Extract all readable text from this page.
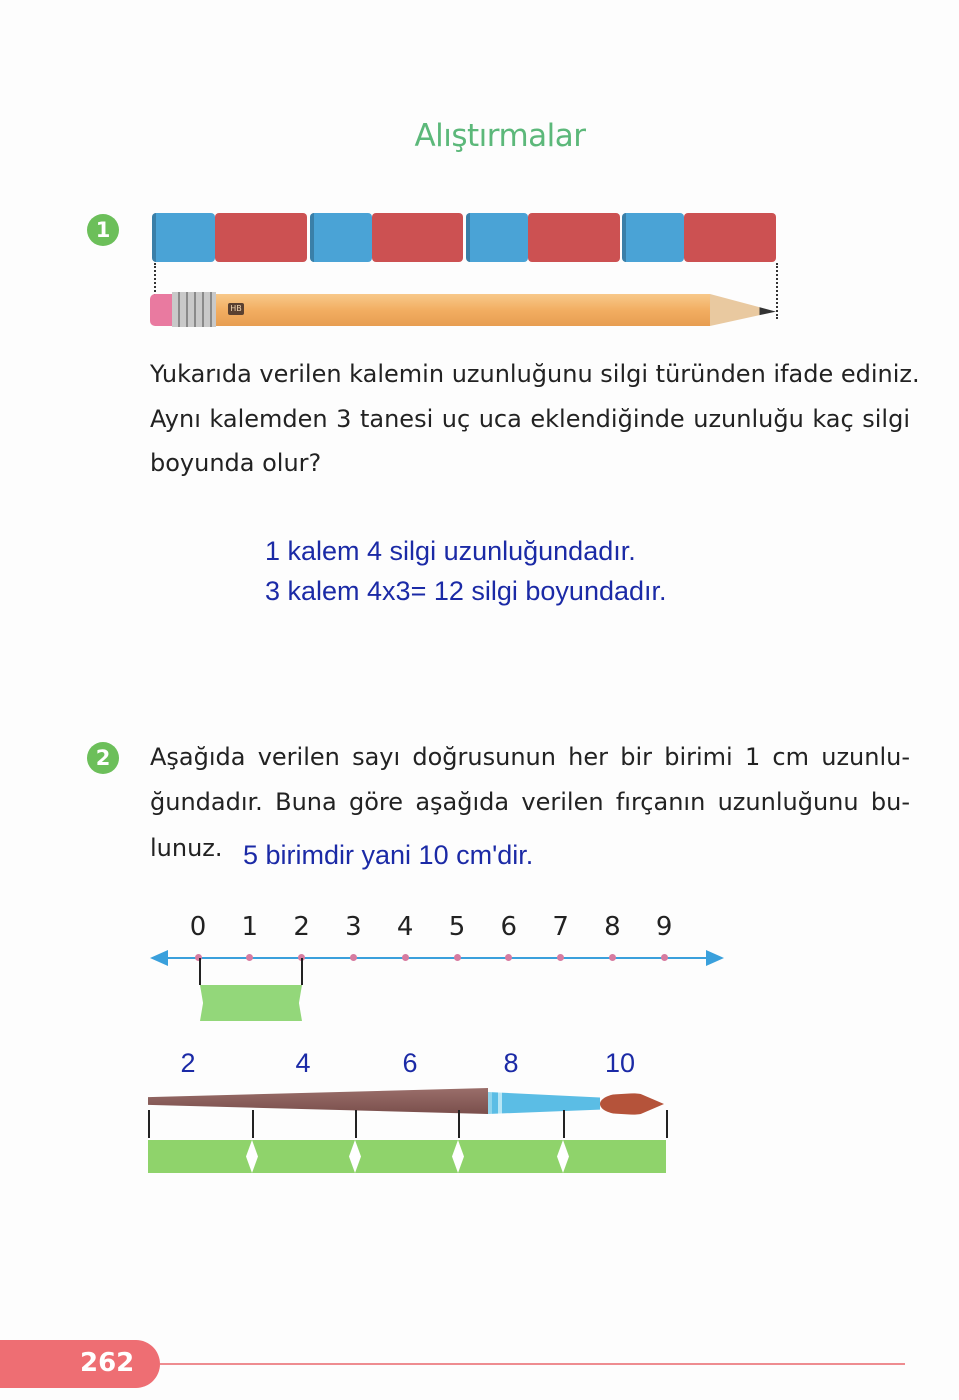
Alıştırmalar
1
HB
Yukarıda verilen kalemin uzunluğunu silgi türünden ifade ediniz.
Aynı kalemden 3 tanesi uç uca eklendiğinde uzunluğu kaç silgi
boyunda olur?
1 kalem 4 silgi uzunluğundadır.
3 kalem 4x3= 12 silgi boyundadır.
2	Aşağıda verilen sayı doğrusunun her bir birimi 1 cm uzunlu-
ğundadır. Buna göre aşağıda verilen fırçanın uzunluğunu bu-
lunuz. 5 birimdir yani 10 cm'dir.
0 1 2 3 4 5 6 7 8 9
2	4	6	8	10
262
